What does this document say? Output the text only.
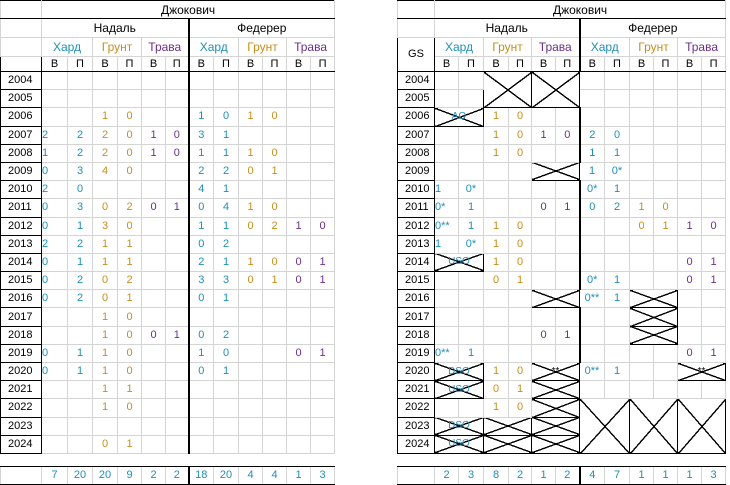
	Джокович											
	Надаль						Федерер					
	Хард		Грунт		Трава		Хард		Грунт		Трава	
	В	П	В	П	В	П	В	П	В	П	В	П
2004												
2005												
2006			1	0			1	0	1	0		
2007	2	2	2	0	1	0	3	1				
2008	1	2	2	0	1	0	1	1	1	0		
2009	0	3	4	0			2	2	0	1		
2010	2	0					4	1				
2011	0	3	0	2	0	1	0	4	1	0		
2012	0	1	3	0			1	1	0	2	1	0
2013	2	2	1	1			0	2				
2014	0	1	1	1			2	1	1	0	0	1
2015	0	2	0	2			3	3	0	1	0	1
2016	0	2	0	1			0	1				
2017			1	0								
2018			1	0	0	1	0	2				
2019	0	1	1	0			1	0			0	1
2020	0	1	1	0			0	1				
2021			1	1								
2022			1	0								
2023												
2024			0	1								

	7	20	20	9	2	2	18	20	4	4	1	3
	Джокович											
	Надаль						Федерер					
GS	Хард		Грунт		Трава		Хард		Грунт		Трава	
	В	П	В	П	В	П	В	П	В	П	В	П
2004												
2005												
2006	AO		1	0								
2007			1	0	1	0	2	0				
2008			1	0			1	1				
2009							1	0*				
2010	1	0*					0*	1				
2011	0*	1			0	1	0	2	1	0		
2012	0**	1	1	0					0	1	1	0
2013	1	0*	1	0								
2014	USO		1	0							0	1
2015			0	1			0*	1			0	1
2016							0**	1				
2017												
2018					0	1						
2019	0**	1									0	1
2020	DSO		1	0	**		0**	1			**	
2021	USO		0	1								
2022			1	0								
2023	DSO											
2024	USO											

	2	3	8	2	1	2	4	7	1	1	1	3
